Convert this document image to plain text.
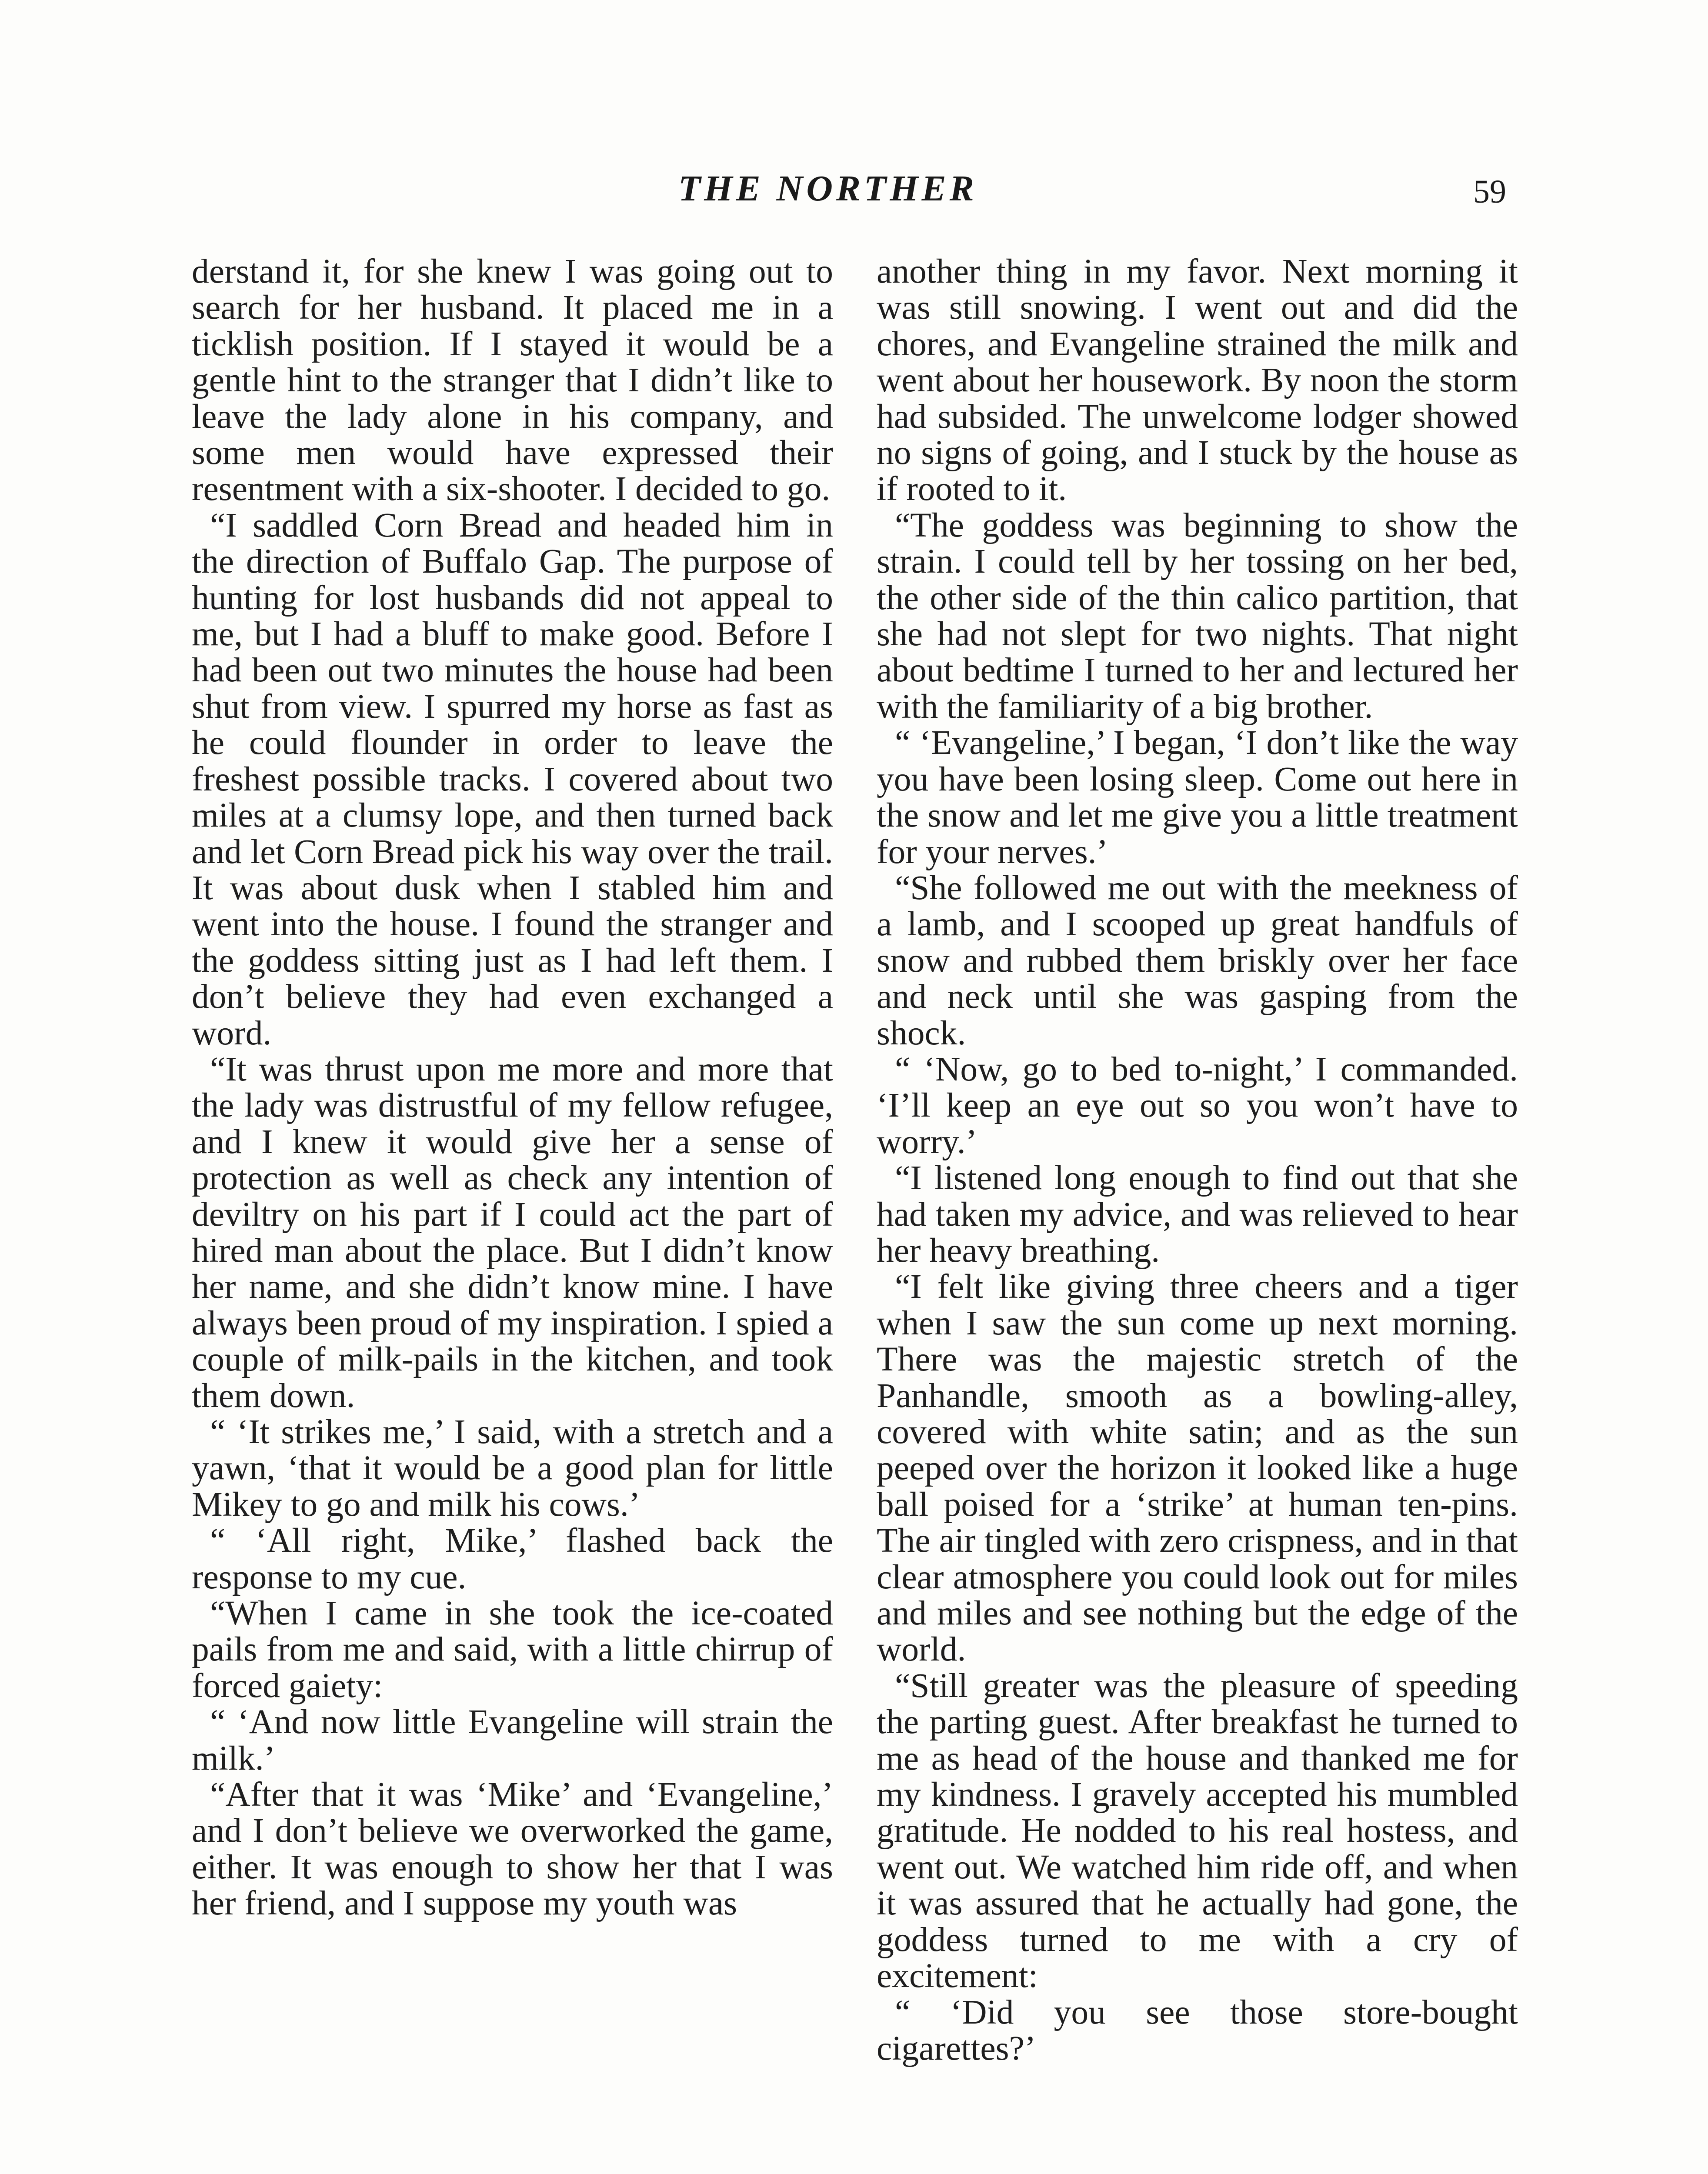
THE NORTHER	59

derstand it, for she knew I was going out to search for her husband. It placed me in a ticklish position. If I stayed it would be a gentle hint to the stranger that I didn’t like to leave the lady alone in his company, and some men would have expressed their resentment with a six-shooter. I decided to go.

“I saddled Corn Bread and headed him in the direction of Buffalo Gap. The purpose of hunting for lost husbands did not appeal to me, but I had a bluff to make good. Before I had been out two minutes the house had been shut from view. I spurred my horse as fast as he could flounder in order to leave the freshest possible tracks. I covered about two miles at a clumsy lope, and then turned back and let Corn Bread pick his way over the trail. It was about dusk when I stabled him and went into the house. I found the stranger and the goddess sitting just as I had left them. I don’t believe they had even exchanged a word.

“It was thrust upon me more and more that the lady was distrustful of my fellow refugee, and I knew it would give her a sense of protection as well as check any intention of deviltry on his part if I could act the part of hired man about the place. But I didn’t know her name, and she didn’t know mine. I have always been proud of my inspiration. I spied a couple of milk-pails in the kitchen, and took them down.

“ ‘It strikes me,’ I said, with a stretch and a yawn, ‘that it would be a good plan for little Mikey to go and milk his cows.’

“ ‘All right, Mike,’ flashed back the response to my cue.

“When I came in she took the ice-coated pails from me and said, with a little chirrup of forced gaiety:

“ ‘And now little Evangeline will strain the milk.’

“After that it was ‘Mike’ and ‘Evangeline,’ and I don’t believe we overworked the game, either. It was enough to show her that I was her friend, and I suppose my youth was

another thing in my favor. Next morning it was still snowing. I went out and did the chores, and Evangeline strained the milk and went about her housework. By noon the storm had subsided. The unwelcome lodger showed no signs of going, and I stuck by the house as if rooted to it.

“The goddess was beginning to show the strain. I could tell by her tossing on her bed, the other side of the thin calico partition, that she had not slept for two nights. That night about bedtime I turned to her and lectured her with the familiarity of a big brother.

“ ‘Evangeline,’ I began, ‘I don’t like the way you have been losing sleep. Come out here in the snow and let me give you a little treatment for your nerves.’

“She followed me out with the meekness of a lamb, and I scooped up great handfuls of snow and rubbed them briskly over her face and neck until she was gasping from the shock.

“ ‘Now, go to bed to-night,’ I commanded. ‘I’ll keep an eye out so you won’t have to worry.’

“I listened long enough to find out that she had taken my advice, and was relieved to hear her heavy breathing.

“I felt like giving three cheers and a tiger when I saw the sun come up next morning. There was the majestic stretch of the Panhandle, smooth as a bowling-alley, covered with white satin; and as the sun peeped over the horizon it looked like a huge ball poised for a ‘strike’ at human ten-pins. The air tingled with zero crispness, and in that clear atmosphere you could look out for miles and miles and see nothing but the edge of the world.

“Still greater was the pleasure of speeding the parting guest. After breakfast he turned to me as head of the house and thanked me for my kindness. I gravely accepted his mumbled gratitude. He nodded to his real hostess, and went out. We watched him ride off, and when it was assured that he actually had gone, the goddess turned to me with a cry of excitement:

“ ‘Did you see those store-bought cigarettes?’
